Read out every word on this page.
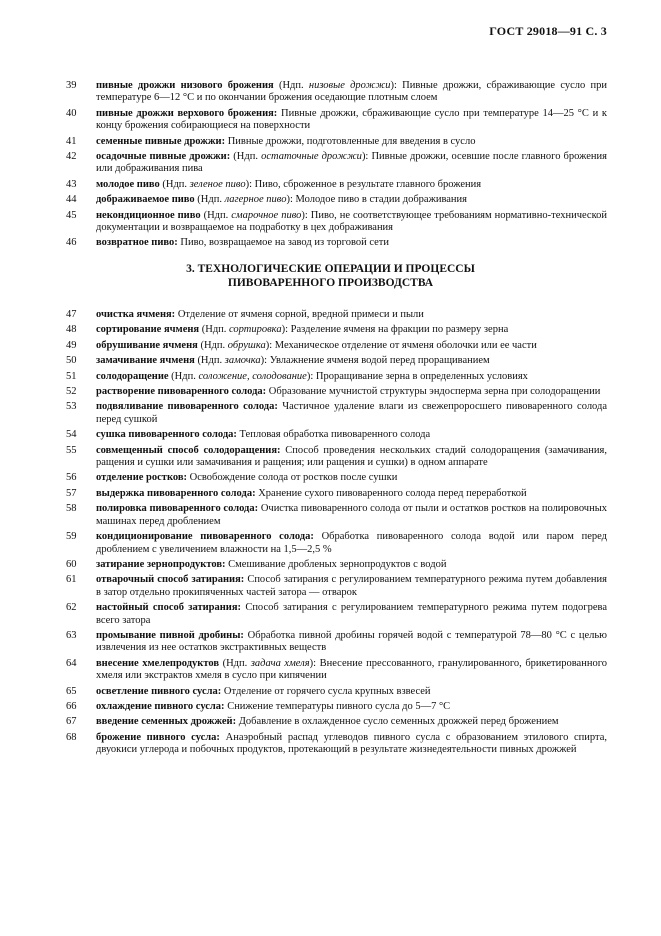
ГОСТ 29018—91 С. 3
39 пивные дрожжи низового брожения (Ндп. низовые дрожжи): Пивные дрожжи, сбраживающие сусло при температуре 6—12 °С и по окончании брожения оседающие плотным слоем
40 пивные дрожжи верхового брожения: Пивные дрожжи, сбраживающие сусло при температуре 14—25 °С и к концу брожения собирающиеся на поверхности
41 семенные пивные дрожжи: Пивные дрожжи, подготовленные для введения в сусло
42 осадочные пивные дрожжи: (Ндп. остаточные дрожжи): Пивные дрожжи, осевшие после главного брожения или дображивания пива
43 молодое пиво (Ндп. зеленое пиво): Пиво, сброженное в результате главного брожения
44 дображиваемое пиво (Ндп. лагерное пиво): Молодое пиво в стадии дображивания
45 некондиционное пиво (Ндп. смарочное пиво): Пиво, не соответствующее требованиям нормативно-технической документации и возвращаемое на подработку в цех дображивания
46 возвратное пиво: Пиво, возвращаемое на завод из торговой сети
3. ТЕХНОЛОГИЧЕСКИЕ ОПЕРАЦИИ И ПРОЦЕССЫ
ПИВОВАРЕННОГО ПРОИЗВОДСТВА
47 очистка ячменя: Отделение от ячменя сорной, вредной примеси и пыли
48 сортирование ячменя (Ндп. сортировка): Разделение ячменя на фракции по размеру зерна
49 обрушивание ячменя (Ндп. обрушка): Механическое отделение от ячменя оболочки или ее части
50 замачивание ячменя (Ндп. замочка): Увлажнение ячменя водой перед проращиванием
51 солодоращение (Ндп. соложение, солодование): Проращивание зерна в определенных условиях
52 растворение пивоваренного солода: Образование мучнистой структуры эндосперма зерна при солодоращении
53 подвяливание пивоваренного солода: Частичное удаление влаги из свежепроросшего пивоваренного солода перед сушкой
54 сушка пивоваренного солода: Тепловая обработка пивоваренного солода
55 совмещенный способ солодоращения: Способ проведения нескольких стадий солодоращения (замачивания, ращения и сушки или замачивания и ращения; или ращения и сушки) в одном аппарате
56 отделение ростков: Освобождение солода от ростков после сушки
57 выдержка пивоваренного солода: Хранение сухого пивоваренного солода перед переработкой
58 полировка пивоваренного солода: Очистка пивоваренного солода от пыли и остатков ростков на полировочных машинах перед дроблением
59 кондиционирование пивоваренного солода: Обработка пивоваренного солода водой или паром перед дроблением с увеличением влажности на 1,5—2,5 %
60 затирание зернопродуктов: Смешивание дробленых зернопродуктов с водой
61 отварочный способ затирания: Способ затирания с регулированием температурного режима путем добавления в затор отдельно прокипяченных частей затора — отварок
62 настойный способ затирания: Способ затирания с регулированием температурного режима путем подогрева всего затора
63 промывание пивной дробины: Обработка пивной дробины горячей водой с температурой 78—80 °С с целью извлечения из нее остатков экстрактивных веществ
64 внесение хмелепродуктов (Ндп. задача хмеля): Внесение прессованного, гранулированного, брикетированного хмеля или экстрактов хмеля в сусло при кипячении
65 осветление пивного сусла: Отделение от горячего сусла крупных взвесей
66 охлаждение пивного сусла: Снижение температуры пивного сусла до 5—7 °С
67 введение семенных дрожжей: Добавление в охлажденное сусло семенных дрожжей перед брожением
68 брожение пивного сусла: Анаэробный распад углеводов пивного сусла с образованием этилового спирта, двуокиси углерода и побочных продуктов, протекающий в результате жизнедеятельности пивных дрожжей
